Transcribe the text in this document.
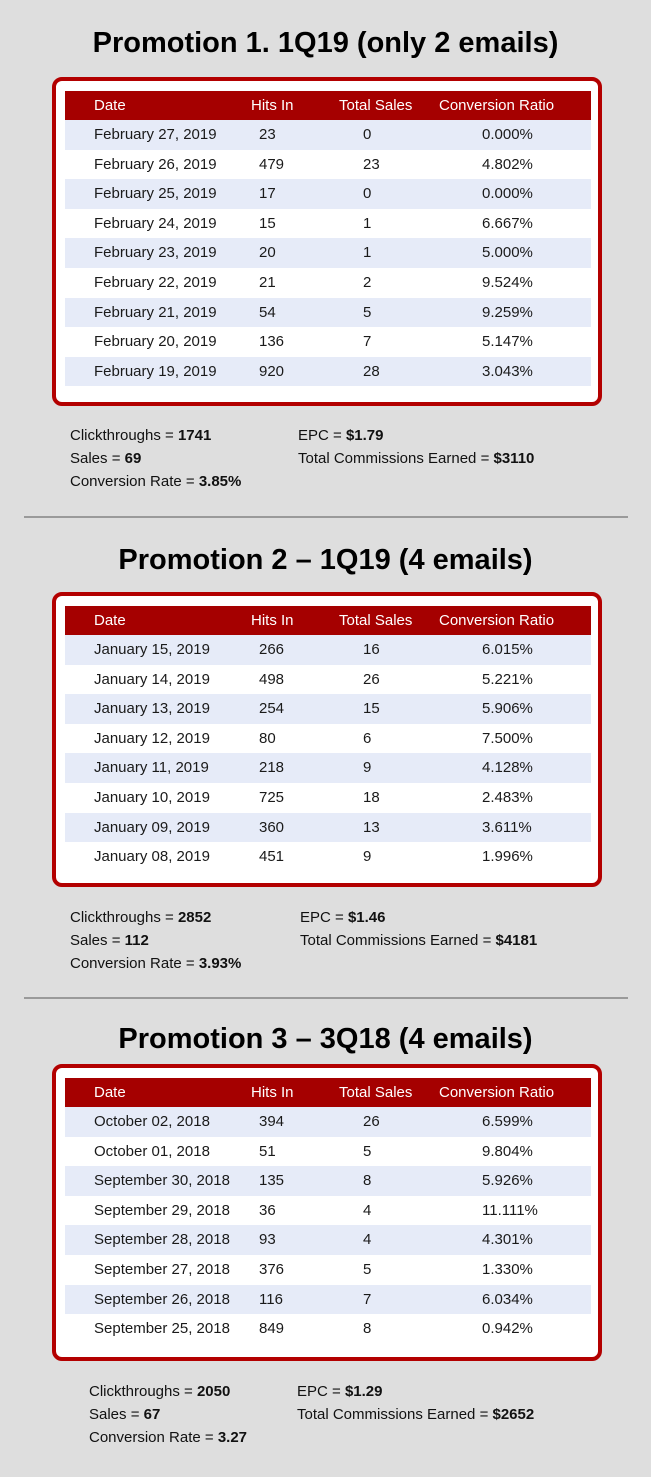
Promotion 1. 1Q19 (only 2 emails)
Date	Hits In	Total Sales Conversion Ratio
February 27, 2019	23	0	0.000%
February 26, 2019	479	23	4.802%
February 25, 2019	17	0	0.000%
February 24, 2019	15	1	6.667%
February 23, 2019	20	1	5.000%
February 22, 2019	21	2	9.524%
February 21, 2019	54	5	9.259%
February 20, 2019	136	7	5.147%
February 19, 2019	920	28	3.043%
Clickthroughs = 1741
Sales = 69
Conversion Rate = 3.85%
EPC = $1.79
Total Commissions Earned = $3110
Promotion 2 – 1Q19 (4 emails)
Date	Hits In	Total Sales Conversion Ratio
January 15, 2019	266	16	6.015%
January 14, 2019	498	26	5.221%
January 13, 2019	254	15	5.906%
January 12, 2019	80	6	7.500%
January 11, 2019	218	9	4.128%
January 10, 2019	725	18	2.483%
January 09, 2019	360	13	3.611%
January 08, 2019	451	9	1.996%
Clickthroughs = 2852
Sales = 112
Conversion Rate = 3.93%
EPC = $1.46
Total Commissions Earned = $4181
Promotion 3 – 3Q18 (4 emails)
Date	Hits In	Total Sales Conversion Ratio
October 02, 2018	394	26	6.599%
October 01, 2018	51	5	9.804%
September 30, 2018 135	8	5.926%
September 29, 2018 36	4	11.111%
September 28, 2018 93	4	4.301%
September 27, 2018 376	5	1.330%
September 26, 2018 116	7	6.034%
September 25, 2018 849	8	0.942%
Clickthroughs = 2050
Sales = 67
Conversion Rate = 3.27
EPC = $1.29
Total Commissions Earned = $2652
